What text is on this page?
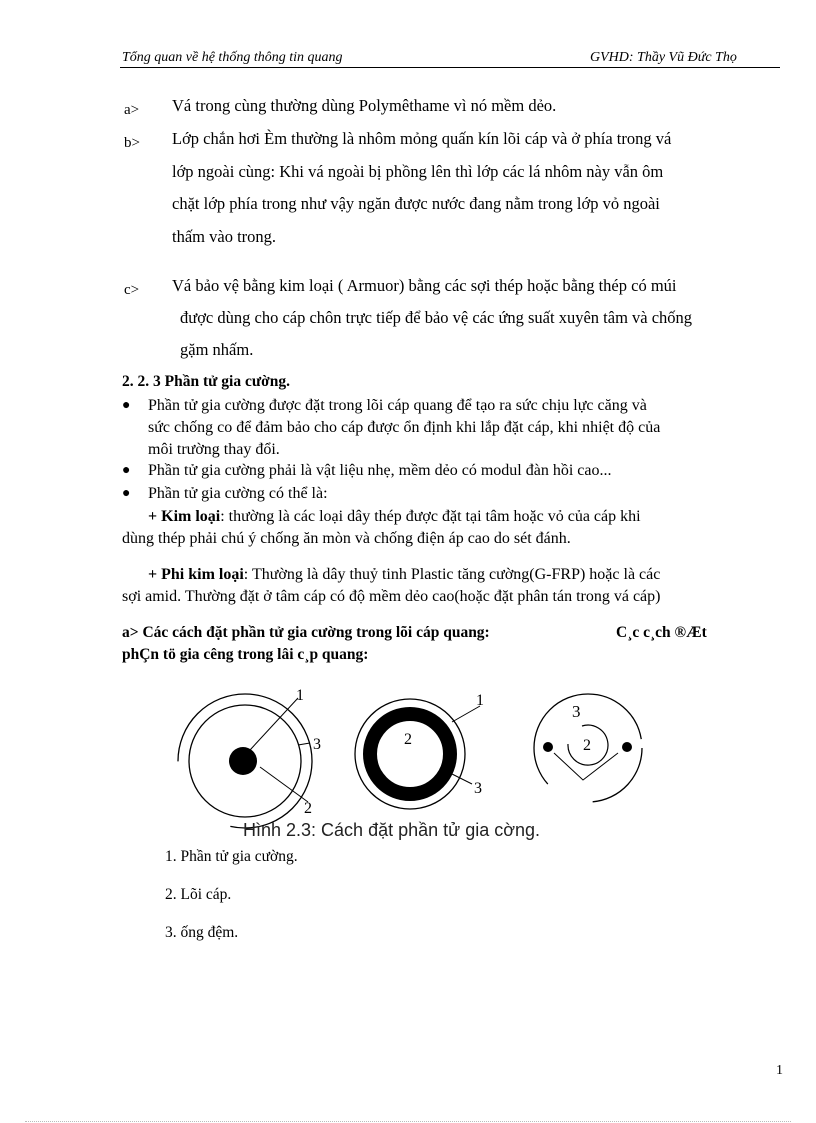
Tổng quan về hệ thống thông tin quang	GVHD: Thầy Vũ Đức Thọ
a> Vá trong cùng thường dùng Polymêthame vì nó mềm dẻo.
b> Lớp chắn hơi Èm thường là nhôm mỏng quấn kín lõi cáp và ở phía trong vá
lớp ngoài cùng: Khi vá ngoài bị phồng lên thì lớp các lá nhôm này vẫn ôm
chặt lớp phía trong như vậy ngăn được nước đang nằm trong lớp vỏ ngoài
thấm vào trong.
c> Vá bảo vệ bằng kim loại ( Armuor) bằng các sợi thép hoặc bằng thép có múi
được dùng cho cáp chôn trực tiếp để bảo vệ các ứng suất xuyên tâm và chống
gặm nhấm.
2. 2. 3 Phần tử gia cường.
● Phần tử gia cường được đặt trong lõi cáp quang để tạo ra sức chịu lực căng và
sức chống co để đảm bảo cho cáp được ổn định khi lắp đặt cáp, khi nhiệt độ của
môi trường thay đổi.
● Phần tử gia cường phải là vật liệu nhẹ, mềm dẻo có modul đàn hồi cao...
● Phần tử gia cường có thể là:
+ Kim loại: thường là các loại dây thép được đặt tại tâm hoặc vỏ của cáp khi
dùng thép phải chú ý chống ăn mòn và chống điện áp cao do sét đánh.
+ Phi kim loại: Thường là dây thuỷ tinh Plastic tăng cường(G-FRP) hoặc là các
sợi amid. Thường đặt ở tâm cáp có độ mềm dẻo cao(hoặc đặt phân tán trong vá cáp)
a> Các cách đặt phần tử gia cường trong lõi cáp quang:	C¸c c¸ch ®Æt
phÇn tö gia cêng trong lâi c¸p quang:
1
3
2
2
1
3
3
2
Hình 2.3: Cách đặt phần tử gia cờng.
1. Phần tử gia cường.
2. Lõi cáp.
3. ống đệm.
1
